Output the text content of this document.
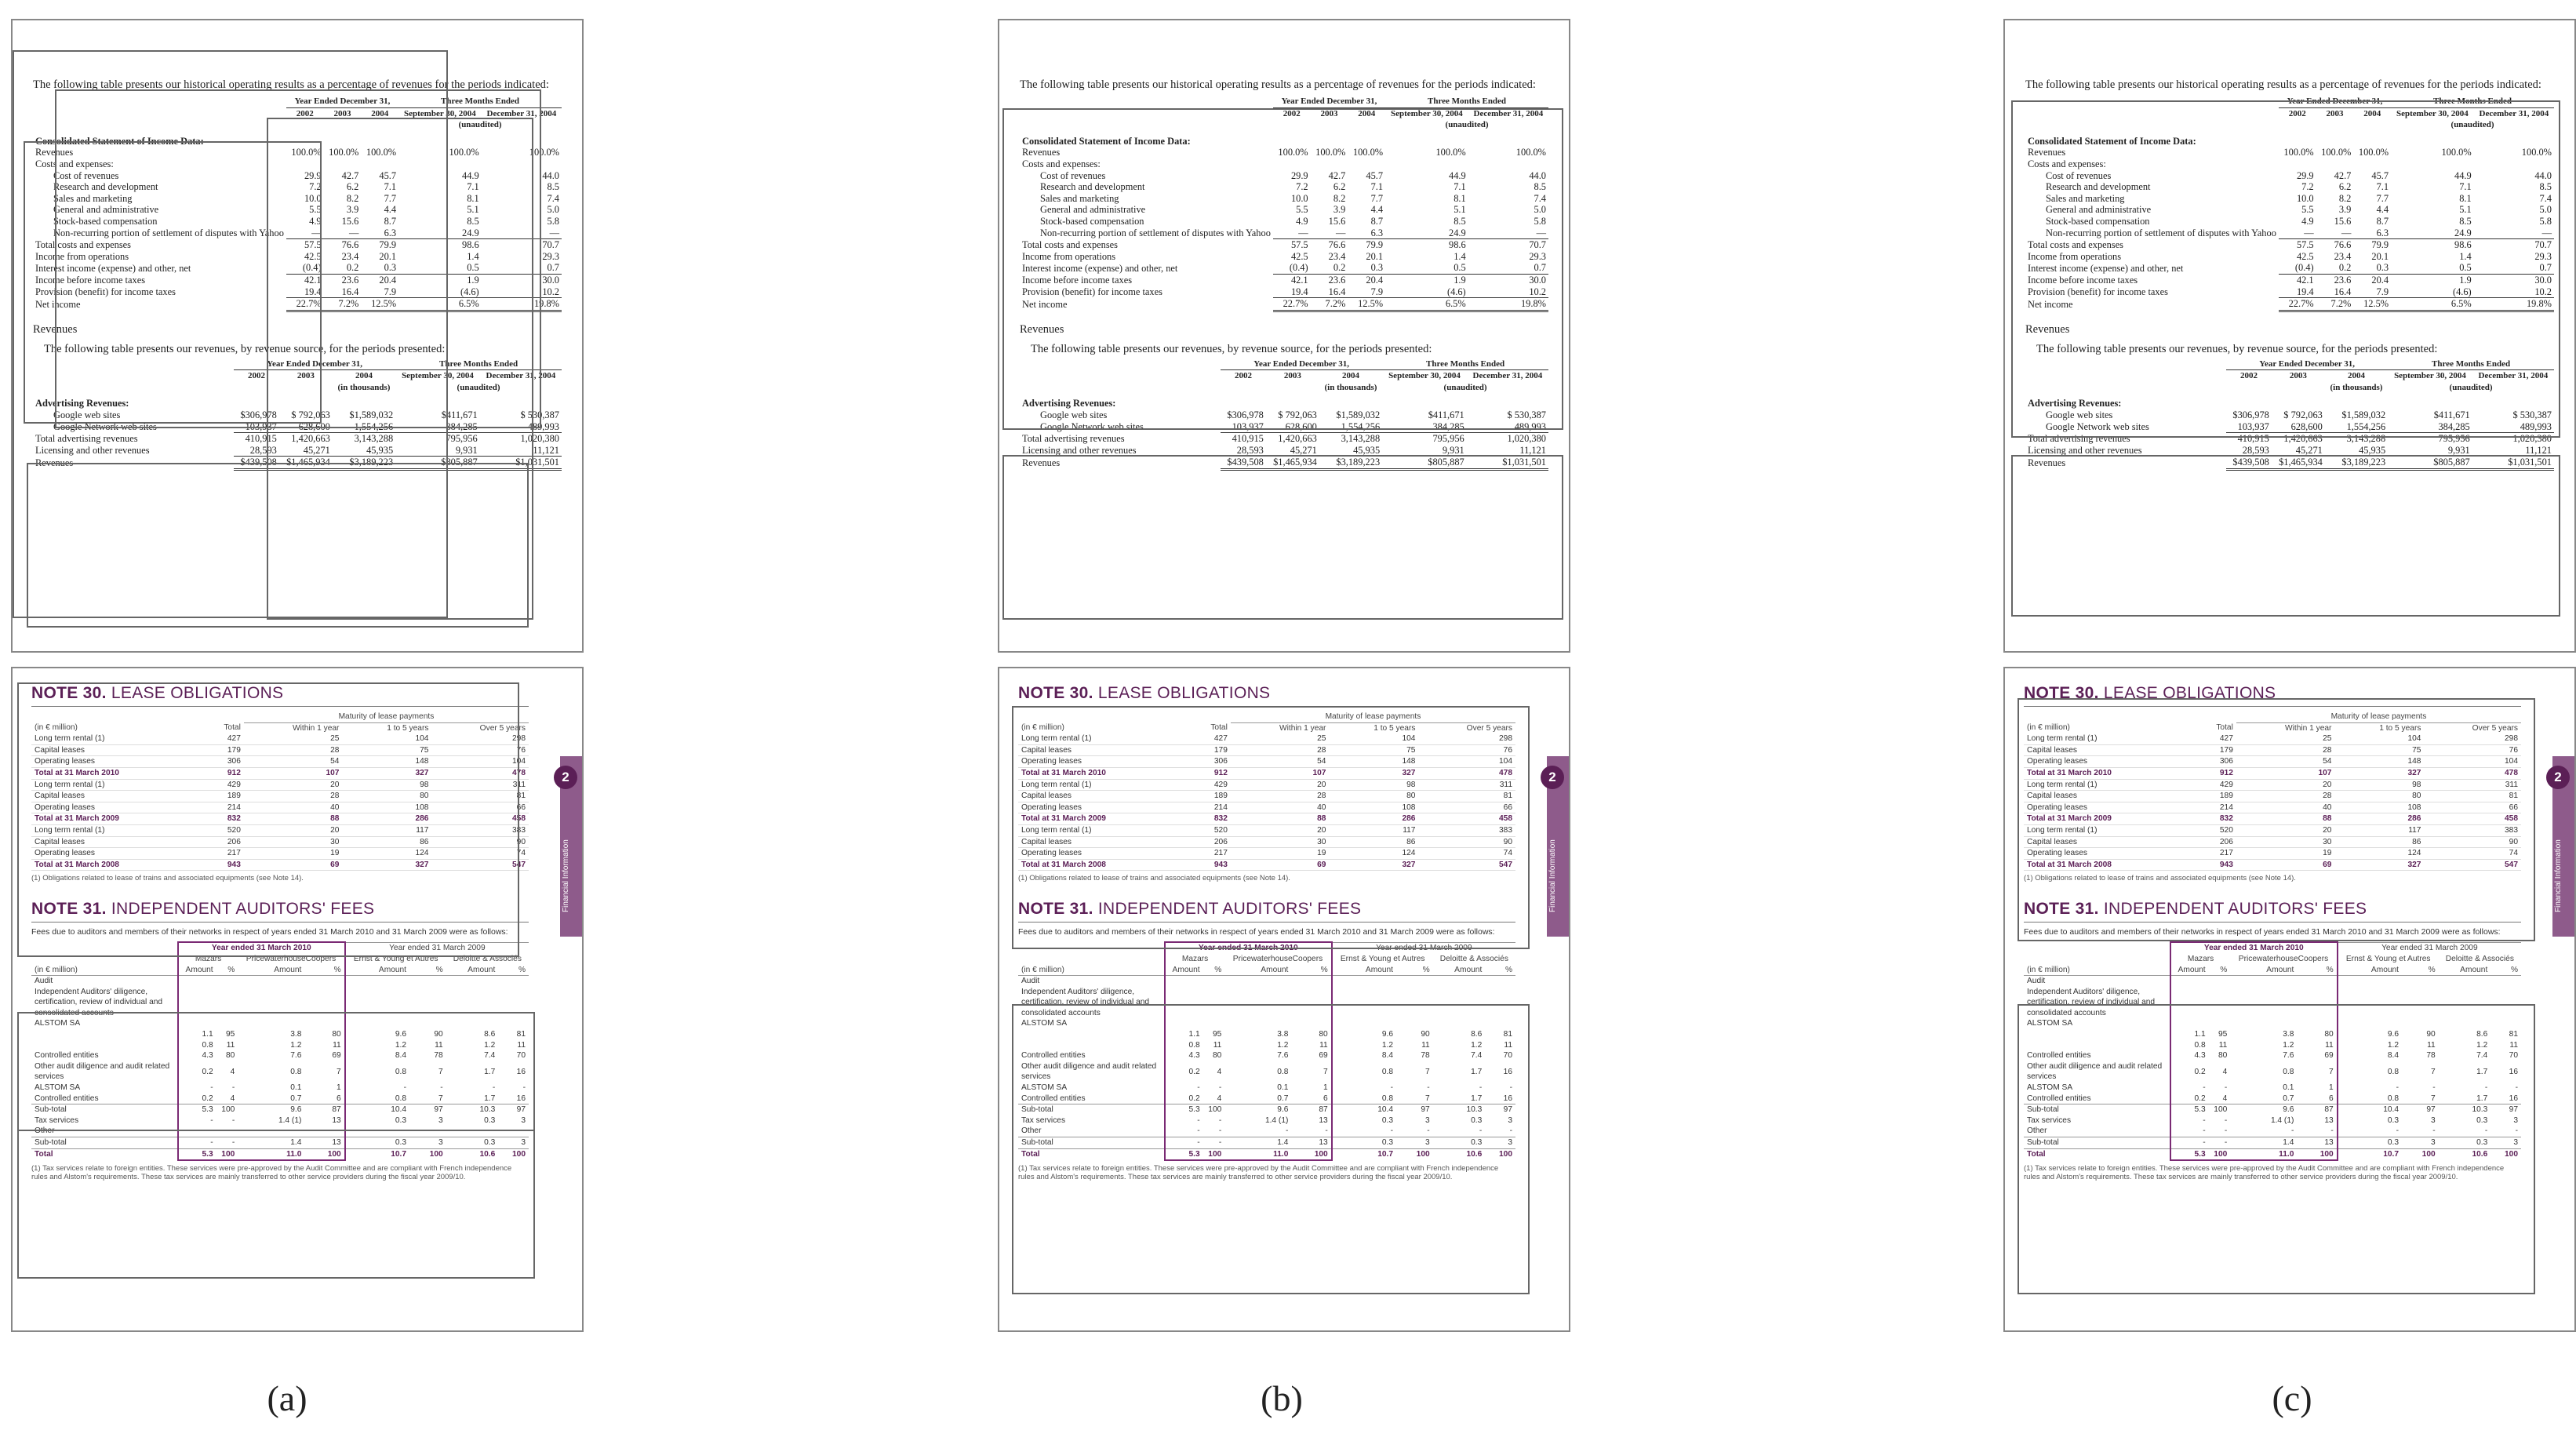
The following table presents our historical operating results as a percentage of revenues for the periods indicated:
	Year Ended December 31,			Three Months Ended	
	2002	2003	2004	September 30, 2004	December 31, 2004
				(unaudited)	
Consolidated Statement of Income Data:					
Revenues	100.0%	100.0%	100.0%	100.0%	100.0%
Costs and expenses:					
Cost of revenues	29.9	42.7	45.7	44.9	44.0
Research and development	7.2	6.2	7.1	7.1	8.5
Sales and marketing	10.0	8.2	7.7	8.1	7.4
General and administrative	5.5	3.9	4.4	5.1	5.0
Stock-based compensation	4.9	15.6	8.7	8.5	5.8
Non-recurring portion of settlement of disputes with Yahoo	—	—	6.3	24.9	—
Total costs and expenses	57.5	76.6	79.9	98.6	70.7
Income from operations	42.5	23.4	20.1	1.4	29.3
Interest income (expense) and other, net	(0.4)	0.2	0.3	0.5	0.7
Income before income taxes	42.1	23.6	20.4	1.9	30.0
Provision (benefit) for income taxes	19.4	16.4	7.9	(4.6)	10.2
Net income	22.7%	7.2%	12.5%	6.5%	19.8%
Revenues
The following table presents our revenues, by revenue source, for the periods presented:
	Year Ended December 31,			Three Months Ended	
	2002	2003	2004	September 30, 2004	December 31, 2004
			(in thousands)	(unaudited)	
Advertising Revenues:					
Google web sites	$306,978	$ 792,063	$1,589,032	$411,671	$ 530,387
Google Network web sites	103,937	628,600	1,554,256	384,285	489,993
Total advertising revenues	410,915	1,420,663	3,143,288	795,956	1,020,380
Licensing and other revenues	28,593	45,271	45,935	9,931	11,121
Revenues	$439,508	$1,465,934	$3,189,223	$805,887	$1,031,501
2
Financial Information
NOTE 30. LEASE OBLIGATIONS
		Maturity of lease payments		
(in € million)	Total	Within 1 year	1 to 5 years	Over 5 years
Long term rental (1)	427	25	104	298
Capital leases	179	28	75	76
Operating leases	306	54	148	104
Total at 31 March 2010	912	107	327	478
Long term rental (1)	429	20	98	311
Capital leases	189	28	80	81
Operating leases	214	40	108	66
Total at 31 March 2009	832	88	286	458
Long term rental (1)	520	20	117	383
Capital leases	206	30	86	90
Operating leases	217	19	124	74
Total at 31 March 2008	943	69	327	547
(1) Obligations related to lease of trains and associated equipments (see Note 14).
NOTE 31. INDEPENDENT AUDITORS' FEES
Fees due to auditors and members of their networks in respect of years ended 31 March 2010 and 31 March 2009 were as follows:
	Year ended 31 March 2010				Year ended 31 March 2009			
	Mazars		PricewaterhouseCoopers		Ernst & Young et Autres		Deloitte & Associés	
(in € million)	Amount	%	Amount	%	Amount	%	Amount	%
Audit								
Independent Auditors' diligence, certification, review of individual and consolidated accounts								
ALSTOM SA								
	1.1	95	3.8	80	9.6	90	8.6	81
	0.8	11	1.2	11	1.2	11	1.2	11
Controlled entities	4.3	80	7.6	69	8.4	78	7.4	70
Other audit diligence and audit related services	0.2	4	0.8	7	0.8	7	1.7	16
ALSTOM SA	-	-	0.1	1	-	-	-	-
Controlled entities	0.2	4	0.7	6	0.8	7	1.7	16
Sub-total	5.3	100	9.6	87	10.4	97	10.3	97
Tax services	-	-	1.4 (1)	13	0.3	3	0.3	3
Other	-	-	-	-	-	-	-	-
Sub-total	-	-	1.4	13	0.3	3	0.3	3
Total	5.3	100	11.0	100	10.7	100	10.6	100
(1) Tax services relate to foreign entities. These services were pre-approved by the Audit Committee and are compliant with French independence rules and Alstom's requirements. These tax services are mainly transferred to other service providers during the fiscal year 2009/10.
The following table presents our historical operating results as a percentage of revenues for the periods indicated:
	Year Ended December 31,			Three Months Ended	
	2002	2003	2004	September 30, 2004	December 31, 2004
				(unaudited)	
Consolidated Statement of Income Data:					
Revenues	100.0%	100.0%	100.0%	100.0%	100.0%
Costs and expenses:					
Cost of revenues	29.9	42.7	45.7	44.9	44.0
Research and development	7.2	6.2	7.1	7.1	8.5
Sales and marketing	10.0	8.2	7.7	8.1	7.4
General and administrative	5.5	3.9	4.4	5.1	5.0
Stock-based compensation	4.9	15.6	8.7	8.5	5.8
Non-recurring portion of settlement of disputes with Yahoo	—	—	6.3	24.9	—
Total costs and expenses	57.5	76.6	79.9	98.6	70.7
Income from operations	42.5	23.4	20.1	1.4	29.3
Interest income (expense) and other, net	(0.4)	0.2	0.3	0.5	0.7
Income before income taxes	42.1	23.6	20.4	1.9	30.0
Provision (benefit) for income taxes	19.4	16.4	7.9	(4.6)	10.2
Net income	22.7%	7.2%	12.5%	6.5%	19.8%
Revenues
The following table presents our revenues, by revenue source, for the periods presented:
	Year Ended December 31,			Three Months Ended	
	2002	2003	2004	September 30, 2004	December 31, 2004
			(in thousands)	(unaudited)	
Advertising Revenues:					
Google web sites	$306,978	$ 792,063	$1,589,032	$411,671	$ 530,387
Google Network web sites	103,937	628,600	1,554,256	384,285	489,993
Total advertising revenues	410,915	1,420,663	3,143,288	795,956	1,020,380
Licensing and other revenues	28,593	45,271	45,935	9,931	11,121
Revenues	$439,508	$1,465,934	$3,189,223	$805,887	$1,031,501
2
Financial Information
NOTE 30. LEASE OBLIGATIONS
		Maturity of lease payments		
(in € million)	Total	Within 1 year	1 to 5 years	Over 5 years
Long term rental (1)	427	25	104	298
Capital leases	179	28	75	76
Operating leases	306	54	148	104
Total at 31 March 2010	912	107	327	478
Long term rental (1)	429	20	98	311
Capital leases	189	28	80	81
Operating leases	214	40	108	66
Total at 31 March 2009	832	88	286	458
Long term rental (1)	520	20	117	383
Capital leases	206	30	86	90
Operating leases	217	19	124	74
Total at 31 March 2008	943	69	327	547
(1) Obligations related to lease of trains and associated equipments (see Note 14).
NOTE 31. INDEPENDENT AUDITORS' FEES
Fees due to auditors and members of their networks in respect of years ended 31 March 2010 and 31 March 2009 were as follows:
	Year ended 31 March 2010				Year ended 31 March 2009			
	Mazars		PricewaterhouseCoopers		Ernst & Young et Autres		Deloitte & Associés	
(in € million)	Amount	%	Amount	%	Amount	%	Amount	%
Audit								
Independent Auditors' diligence, certification, review of individual and consolidated accounts								
ALSTOM SA								
	1.1	95	3.8	80	9.6	90	8.6	81
	0.8	11	1.2	11	1.2	11	1.2	11
Controlled entities	4.3	80	7.6	69	8.4	78	7.4	70
Other audit diligence and audit related services	0.2	4	0.8	7	0.8	7	1.7	16
ALSTOM SA	-	-	0.1	1	-	-	-	-
Controlled entities	0.2	4	0.7	6	0.8	7	1.7	16
Sub-total	5.3	100	9.6	87	10.4	97	10.3	97
Tax services	-	-	1.4 (1)	13	0.3	3	0.3	3
Other	-	-	-	-	-	-	-	-
Sub-total	-	-	1.4	13	0.3	3	0.3	3
Total	5.3	100	11.0	100	10.7	100	10.6	100
(1) Tax services relate to foreign entities. These services were pre-approved by the Audit Committee and are compliant with French independence rules and Alstom's requirements. These tax services are mainly transferred to other service providers during the fiscal year 2009/10.
The following table presents our historical operating results as a percentage of revenues for the periods indicated:
	Year Ended December 31,			Three Months Ended	
	2002	2003	2004	September 30, 2004	December 31, 2004
				(unaudited)	
Consolidated Statement of Income Data:					
Revenues	100.0%	100.0%	100.0%	100.0%	100.0%
Costs and expenses:					
Cost of revenues	29.9	42.7	45.7	44.9	44.0
Research and development	7.2	6.2	7.1	7.1	8.5
Sales and marketing	10.0	8.2	7.7	8.1	7.4
General and administrative	5.5	3.9	4.4	5.1	5.0
Stock-based compensation	4.9	15.6	8.7	8.5	5.8
Non-recurring portion of settlement of disputes with Yahoo	—	—	6.3	24.9	—
Total costs and expenses	57.5	76.6	79.9	98.6	70.7
Income from operations	42.5	23.4	20.1	1.4	29.3
Interest income (expense) and other, net	(0.4)	0.2	0.3	0.5	0.7
Income before income taxes	42.1	23.6	20.4	1.9	30.0
Provision (benefit) for income taxes	19.4	16.4	7.9	(4.6)	10.2
Net income	22.7%	7.2%	12.5%	6.5%	19.8%
Revenues
The following table presents our revenues, by revenue source, for the periods presented:
	Year Ended December 31,			Three Months Ended	
	2002	2003	2004	September 30, 2004	December 31, 2004
			(in thousands)	(unaudited)	
Advertising Revenues:					
Google web sites	$306,978	$ 792,063	$1,589,032	$411,671	$ 530,387
Google Network web sites	103,937	628,600	1,554,256	384,285	489,993
Total advertising revenues	410,915	1,420,663	3,143,288	795,956	1,020,380
Licensing and other revenues	28,593	45,271	45,935	9,931	11,121
Revenues	$439,508	$1,465,934	$3,189,223	$805,887	$1,031,501
2
Financial Information
NOTE 30. LEASE OBLIGATIONS
		Maturity of lease payments		
(in € million)	Total	Within 1 year	1 to 5 years	Over 5 years
Long term rental (1)	427	25	104	298
Capital leases	179	28	75	76
Operating leases	306	54	148	104
Total at 31 March 2010	912	107	327	478
Long term rental (1)	429	20	98	311
Capital leases	189	28	80	81
Operating leases	214	40	108	66
Total at 31 March 2009	832	88	286	458
Long term rental (1)	520	20	117	383
Capital leases	206	30	86	90
Operating leases	217	19	124	74
Total at 31 March 2008	943	69	327	547
(1) Obligations related to lease of trains and associated equipments (see Note 14).
NOTE 31. INDEPENDENT AUDITORS' FEES
Fees due to auditors and members of their networks in respect of years ended 31 March 2010 and 31 March 2009 were as follows:
	Year ended 31 March 2010				Year ended 31 March 2009			
	Mazars		PricewaterhouseCoopers		Ernst & Young et Autres		Deloitte & Associés	
(in € million)	Amount	%	Amount	%	Amount	%	Amount	%
Audit								
Independent Auditors' diligence, certification, review of individual and consolidated accounts								
ALSTOM SA								
	1.1	95	3.8	80	9.6	90	8.6	81
	0.8	11	1.2	11	1.2	11	1.2	11
Controlled entities	4.3	80	7.6	69	8.4	78	7.4	70
Other audit diligence and audit related services	0.2	4	0.8	7	0.8	7	1.7	16
ALSTOM SA	-	-	0.1	1	-	-	-	-
Controlled entities	0.2	4	0.7	6	0.8	7	1.7	16
Sub-total	5.3	100	9.6	87	10.4	97	10.3	97
Tax services	-	-	1.4 (1)	13	0.3	3	0.3	3
Other	-	-	-	-	-	-	-	-
Sub-total	-	-	1.4	13	0.3	3	0.3	3
Total	5.3	100	11.0	100	10.7	100	10.6	100
(1) Tax services relate to foreign entities. These services were pre-approved by the Audit Committee and are compliant with French independence rules and Alstom's requirements. These tax services are mainly transferred to other service providers during the fiscal year 2009/10.
(a)	(b)	(c)
